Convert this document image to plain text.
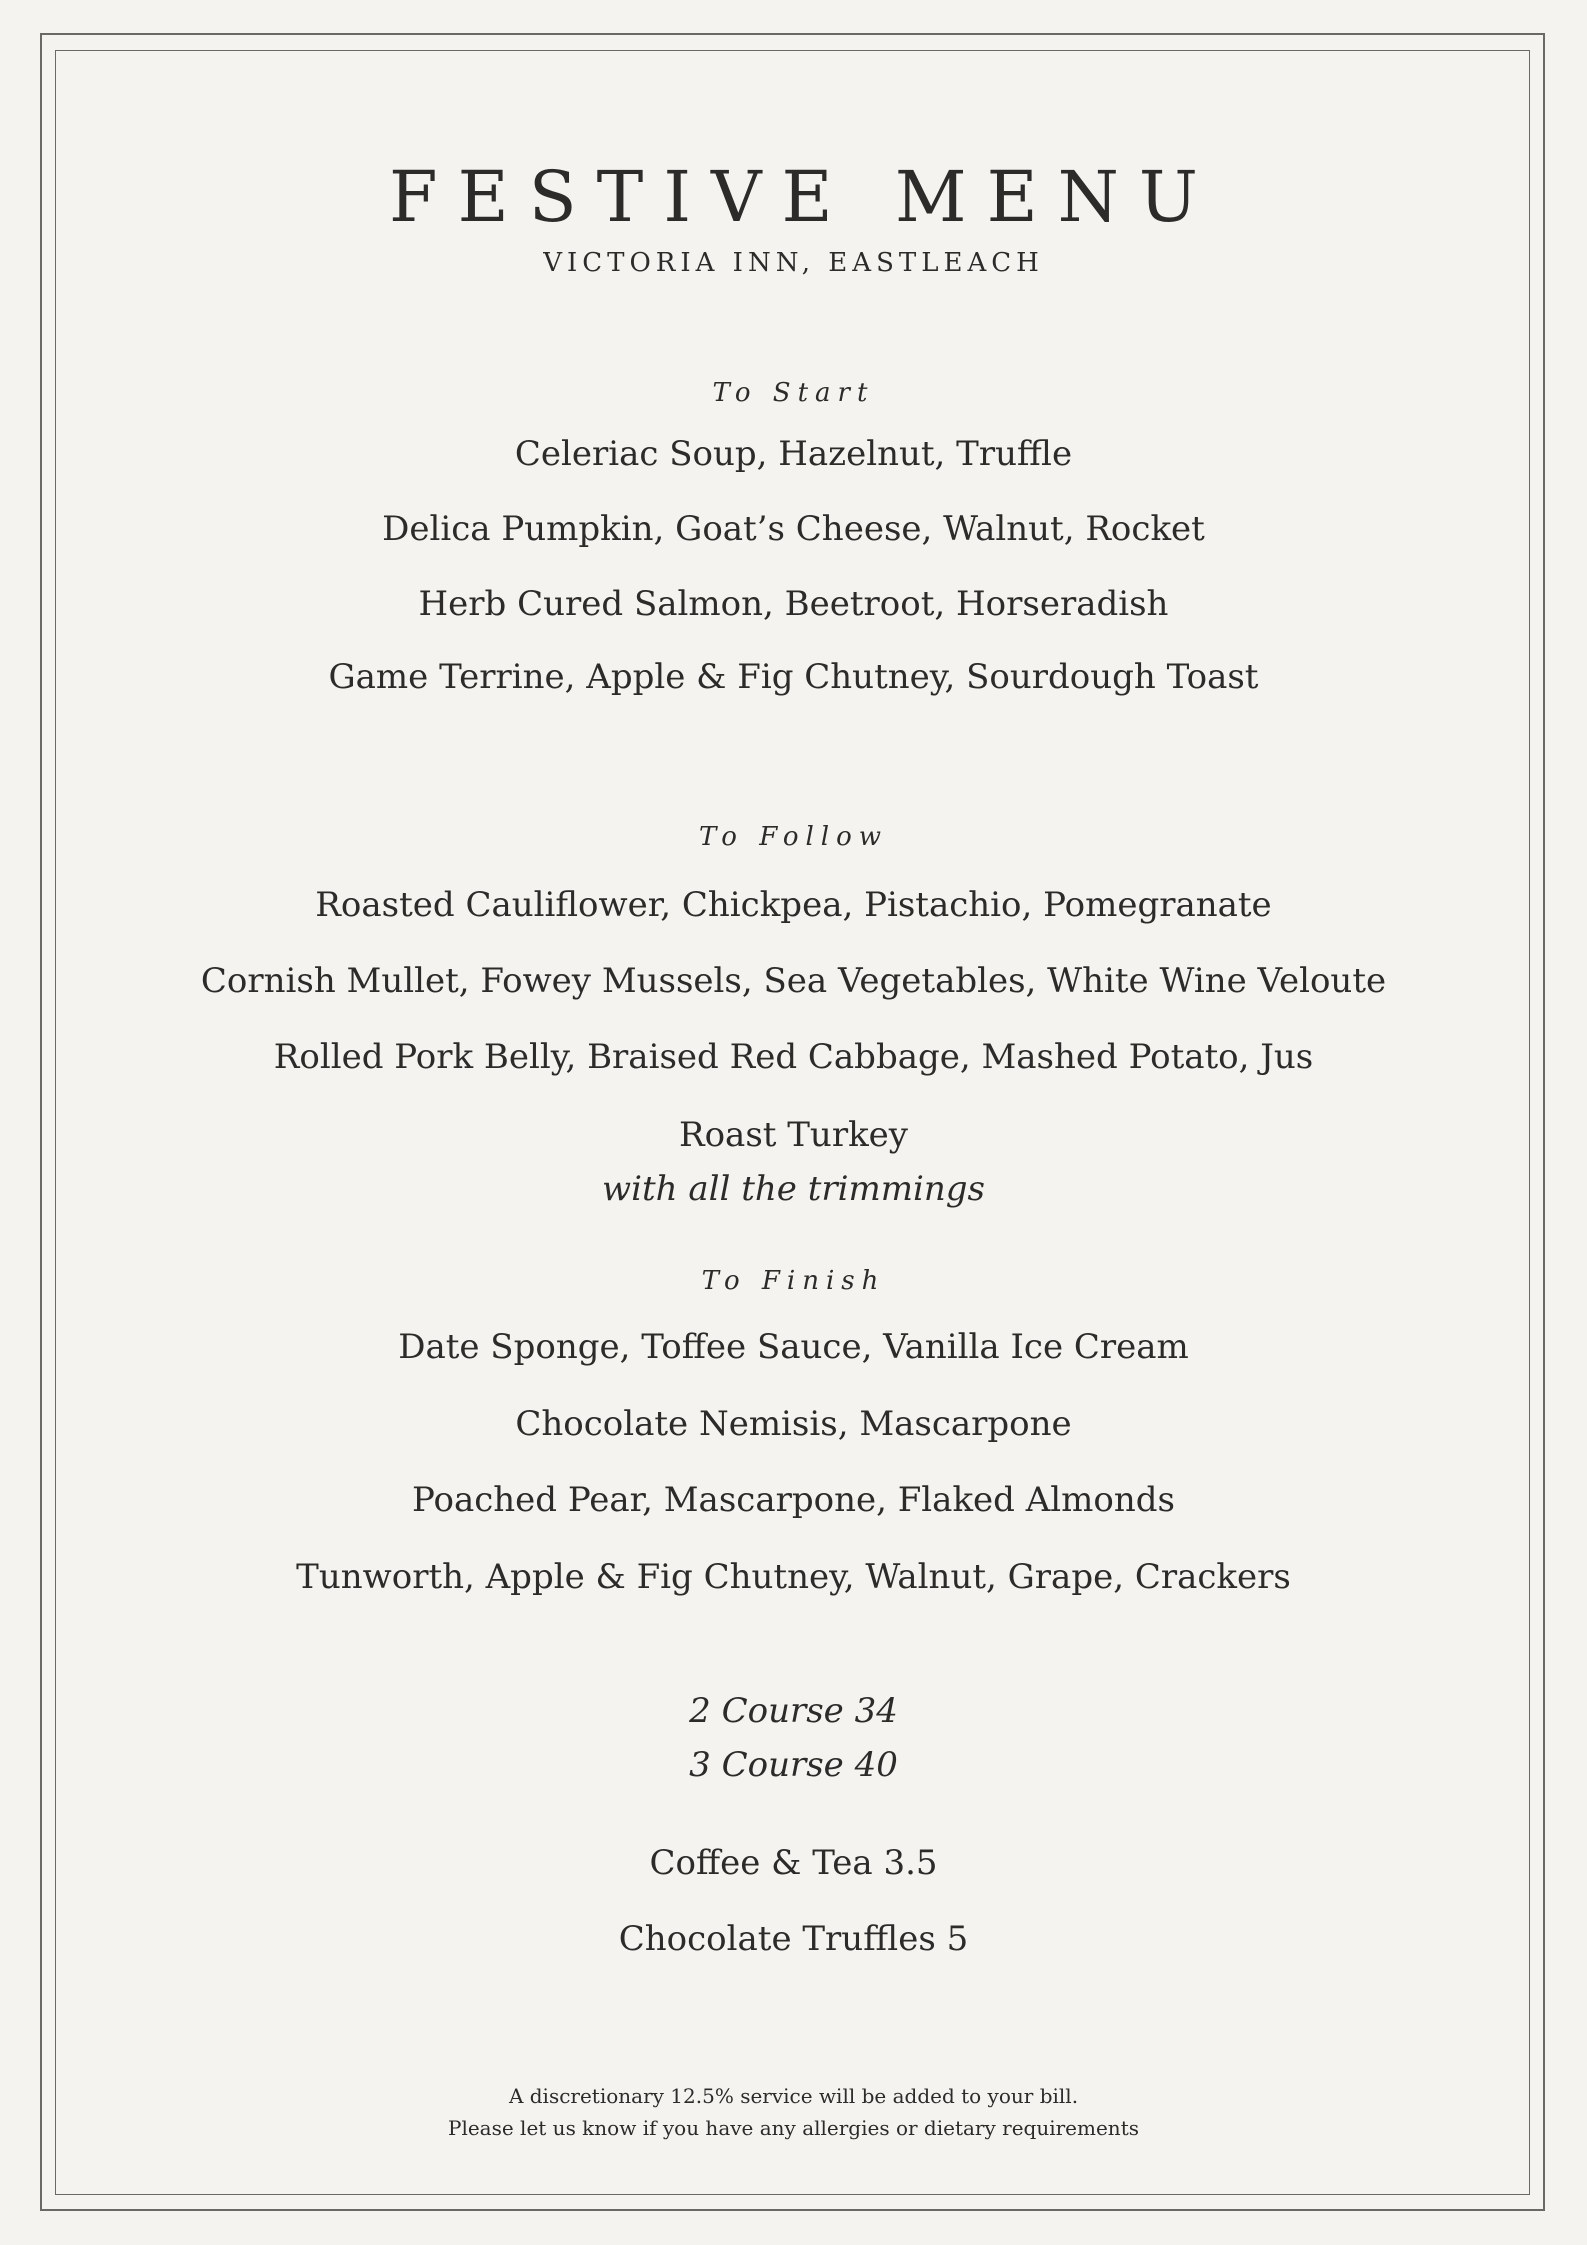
FESTIVE MENU
VICTORIA INN, EASTLEACH
To Start
Celeriac Soup, Hazelnut, Truffle
Delica Pumpkin, Goat’s Cheese, Walnut, Rocket
Herb Cured Salmon, Beetroot, Horseradish
Game Terrine, Apple & Fig Chutney, Sourdough Toast
To Follow
Roasted Cauliflower, Chickpea, Pistachio, Pomegranate
Cornish Mullet, Fowey Mussels, Sea Vegetables, White Wine Veloute
Rolled Pork Belly, Braised Red Cabbage, Mashed Potato, Jus
Roast Turkey
with all the trimmings
To Finish
Date Sponge, Toffee Sauce, Vanilla Ice Cream
Chocolate Nemisis, Mascarpone
Poached Pear, Mascarpone, Flaked Almonds
Tunworth, Apple & Fig Chutney, Walnut, Grape, Crackers
2 Course 34
3 Course 40
Coffee & Tea 3.5
Chocolate Truffles 5
A discretionary 12.5% service will be added to your bill.
Please let us know if you have any allergies or dietary requirements
